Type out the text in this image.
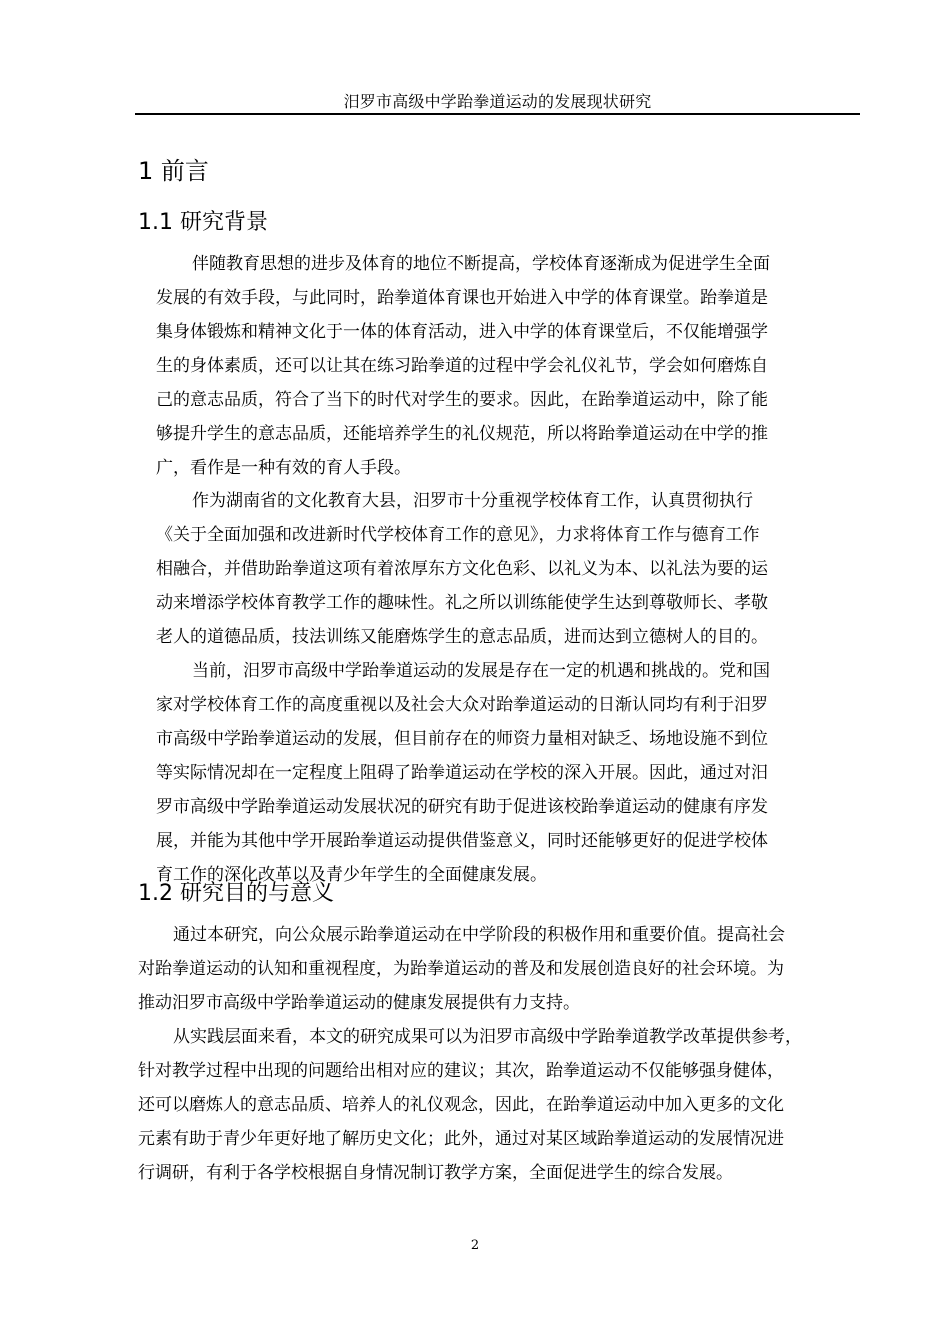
汨罗市高级中学跆拳道运动的发展现状研究
1 前言
1.1 研究背景
伴随教育思想的进步及体育的地位不断提高，学校体育逐渐成为促进学生全面
发展的有效手段，与此同时，跆拳道体育课也开始进入中学的体育课堂。跆拳道是
集身体锻炼和精神文化于一体的体育活动，进入中学的体育课堂后，不仅能增强学
生的身体素质，还可以让其在练习跆拳道的过程中学会礼仪礼节，学会如何磨炼自
己的意志品质，符合了当下的时代对学生的要求。因此，在跆拳道运动中，除了能
够提升学生的意志品质，还能培养学生的礼仪规范，所以将跆拳道运动在中学的推
广，看作是一种有效的育人手段。
作为湖南省的文化教育大县，汨罗市十分重视学校体育工作，认真贯彻执行
《关于全面加强和改进新时代学校体育工作的意见》，力求将体育工作与德育工作
相融合，并借助跆拳道这项有着浓厚东方文化色彩、以礼义为本、以礼法为要的运
动来增添学校体育教学工作的趣味性。礼之所以训练能使学生达到尊敬师长、孝敬
老人的道德品质，技法训练又能磨炼学生的意志品质，进而达到立德树人的目的。
当前，汨罗市高级中学跆拳道运动的发展是存在一定的机遇和挑战的。党和国
家对学校体育工作的高度重视以及社会大众对跆拳道运动的日渐认同均有利于汨罗
市高级中学跆拳道运动的发展，但目前存在的师资力量相对缺乏、场地设施不到位
等实际情况却在一定程度上阻碍了跆拳道运动在学校的深入开展。因此，通过对汨
罗市高级中学跆拳道运动发展状况的研究有助于促进该校跆拳道运动的健康有序发
展，并能为其他中学开展跆拳道运动提供借鉴意义，同时还能够更好的促进学校体
育工作的深化改革以及青少年学生的全面健康发展。
1.2 研究目的与意义
通过本研究，向公众展示跆拳道运动在中学阶段的积极作用和重要价值。提高社会
对跆拳道运动的认知和重视程度，为跆拳道运动的普及和发展创造良好的社会环境。为
推动汨罗市高级中学跆拳道运动的健康发展提供有力支持。
从实践层面来看，本文的研究成果可以为汨罗市高级中学跆拳道教学改革提供参考，
针对教学过程中出现的问题给出相对应的建议；其次，跆拳道运动不仅能够强身健体，
还可以磨炼人的意志品质、培养人的礼仪观念，因此，在跆拳道运动中加入更多的文化
元素有助于青少年更好地了解历史文化；此外，通过对某区域跆拳道运动的发展情况进
行调研，有利于各学校根据自身情况制订教学方案，全面促进学生的综合发展。
2
